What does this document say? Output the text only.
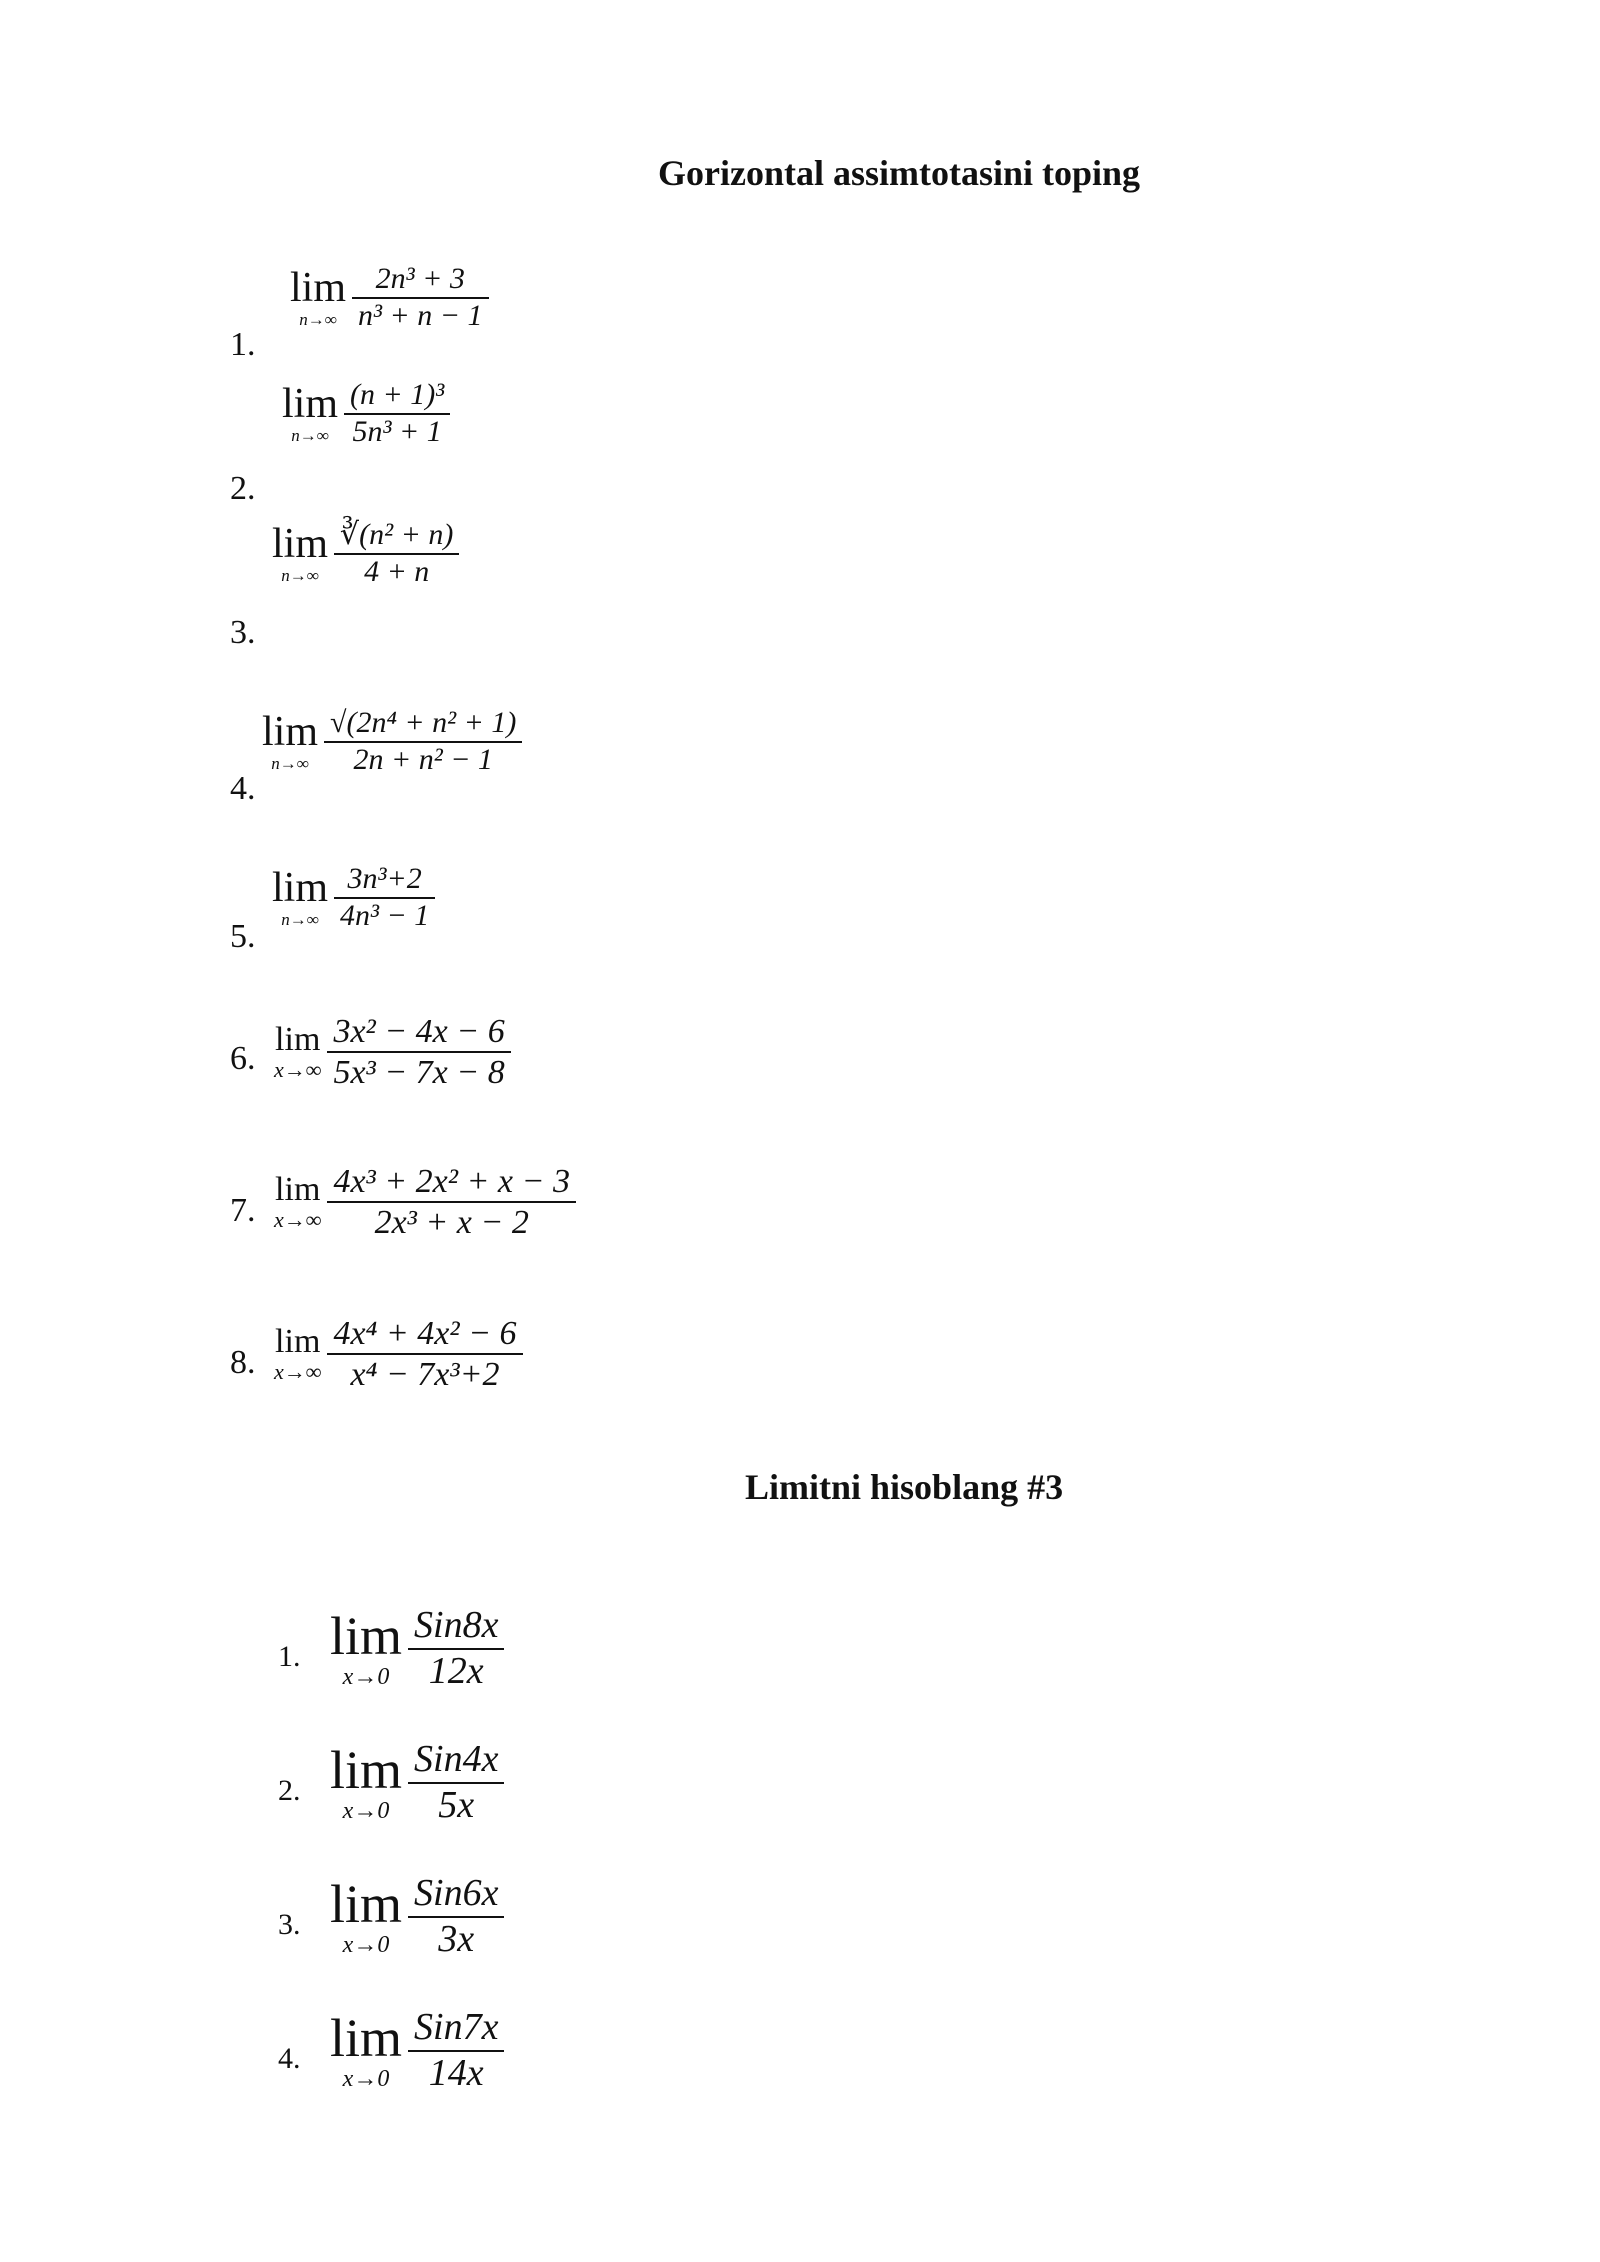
Gorizontal assimtotasini toping
1.
lim
$n\to\infty \frac{\text{2n³ + 3}}{\text{n³ + n − 1}}$
2.
lim
$n\to\infty \frac{\text{(n + 1)³}}{\text{5n³ + 1}}$
3.
lim
$n\to\infty \frac{\text{∛(n² + n)}}{4 + n}$
4.
lim
$n\to\infty \frac{\text{√(2n⁴ + n² + 1)}}{\text{2n + n² − 1}}$
5.
lim
$n\to\infty \frac{\text{3n³+2}}{\text{4n³ − 1}}$
6.
lim
$x\to\infty \frac{\text{3x² − 4x − 6}}{\text{5x³ − 7x − 8}}$
7.
lim
$x\to\infty \frac{\text{4x³ + 2x² + x − 3}}{\text{2x³ + x − 2}}$
8.
lim
$x\to\infty \frac{\text{4x⁴ + 4x² − 6}}{\text{x⁴ − 7x³+2}}$
Limitni hisoblang #3
1. lim
$x\to 0 \frac{\text{Sin8x}}{12x}$
2. lim
$x\to 0 \frac{\text{Sin4x}}{5x}$
3. lim
$x\to 0 \frac{\text{Sin6x}}{3x}$
4. lim
$x\to 0 \frac{\text{Sin7x}}{14x}$
